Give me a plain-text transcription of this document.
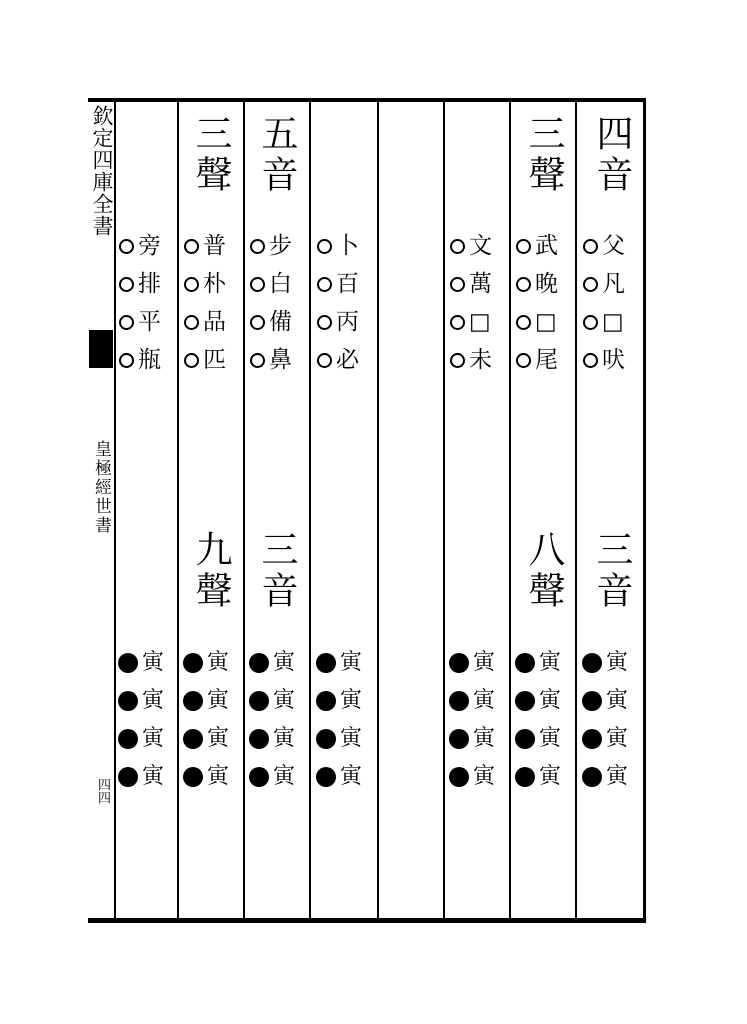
欽定四庫全書
皇極經世書
四四
四音
父
凡
□
吠
三音
寅
寅
寅
寅
三聲
武
晚
□
尾
八聲
寅
寅
寅
寅
文
萬
□
未
寅
寅
寅
寅
卜
百
丙
必
寅
寅
寅
寅
五音
步
白
備
鼻
三音
寅
寅
寅
寅
三聲
普
朴
品
匹
九聲
寅
寅
寅
寅
旁
排
平
瓶
寅
寅
寅
寅
